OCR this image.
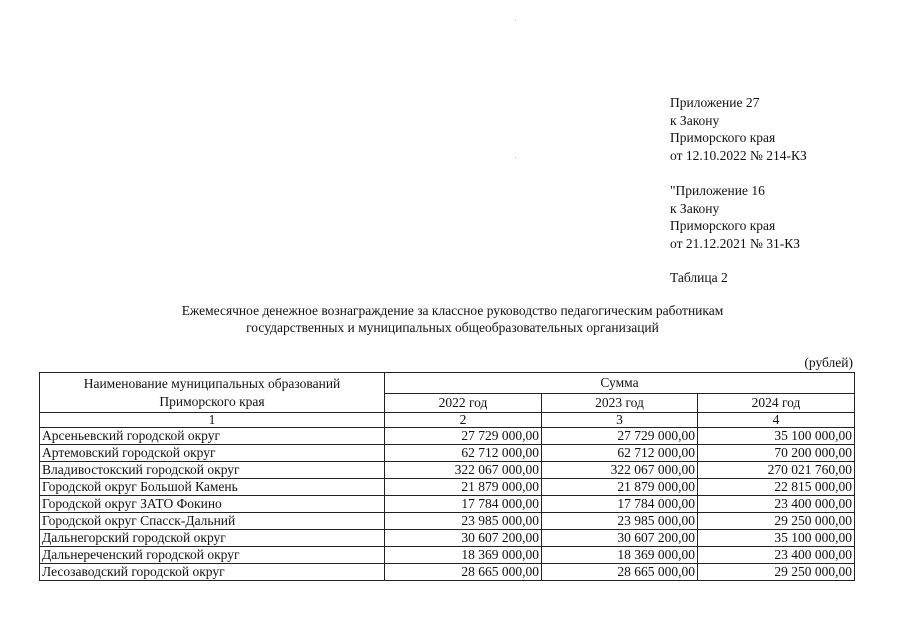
Приложение 27
к Закону
Приморского края
от 12.10.2022 № 214-КЗ
"Приложение 16
к Закону
Приморского края
от 21.12.2021 № 31-КЗ
Таблица 2
Ежемесячное денежное вознаграждение за классное руководство педагогическим работникам
государственных и муниципальных общеобразовательных организаций
(рублей)
Наименование муниципальных образований
Приморского края	Сумма		
	2022 год	2023 год	2024 год
1	2	3	4
Арсеньевский городской округ	27 729 000,00	27 729 000,00	35 100 000,00
Артемовский городской округ	62 712 000,00	62 712 000,00	70 200 000,00
Владивостокский городской округ	322 067 000,00	322 067 000,00	270 021 760,00
Городской округ Большой Камень	21 879 000,00	21 879 000,00	22 815 000,00
Городской округ ЗАТО Фокино	17 784 000,00	17 784 000,00	23 400 000,00
Городской округ Спасск-Дальний	23 985 000,00	23 985 000,00	29 250 000,00
Дальнегорский городской округ	30 607 200,00	30 607 200,00	35 100 000,00
Дальнереченский городской округ	18 369 000,00	18 369 000,00	23 400 000,00
Лесозаводский городской округ	28 665 000,00	28 665 000,00	29 250 000,00
